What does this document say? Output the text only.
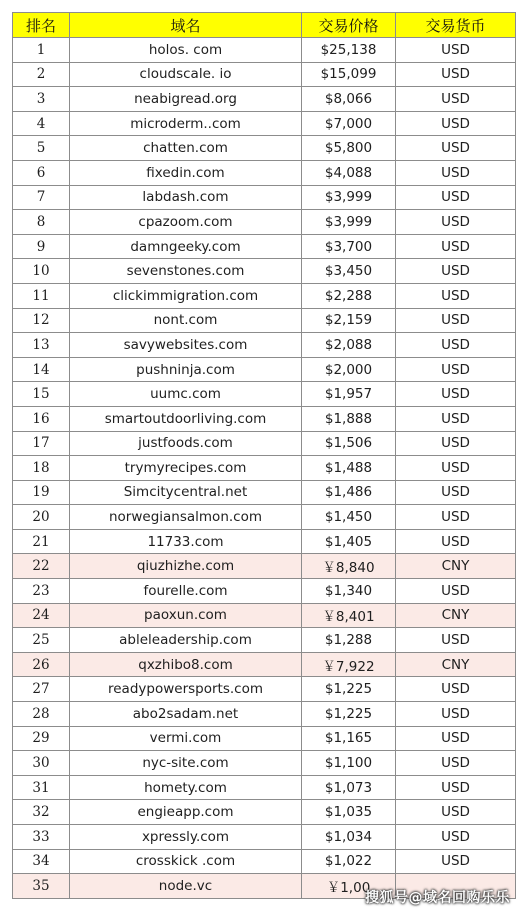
排名	域名	交易价格	交易货币
1	holos. com	$25,138	USD
2	cloudscale. io	$15,099	USD
3	neabigread.org	$8,066	USD
4	microderm..com	$7,000	USD
5	chatten.com	$5,800	USD
6	fixedin.com	$4,088	USD
7	labdash.com	$3,999	USD
8	cpazoom.com	$3,999	USD
9	damngeeky.com	$3,700	USD
10	sevenstones.com	$3,450	USD
11	clickimmigration.com	$2,288	USD
12	nont.com	$2,159	USD
13	savywebsites.com	$2,088	USD
14	pushninja.com	$2,000	USD
15	uumc.com	$1,957	USD
16	smartoutdoorliving.com	$1,888	USD
17	justfoods.com	$1,506	USD
18	trymyrecipes.com	$1,488	USD
19	Simcitycentral.net	$1,486	USD
20	norwegiansalmon.com	$1,450	USD
21	11733.com	$1,405	USD
22	qiuzhizhe.com	￥8,840	CNY
23	fourelle.com	$1,340	USD
24	paoxun.com	￥8,401	CNY
25	ableleadership.com	$1,288	USD
26	qxzhibo8.com	￥7,922	CNY
27	readypowersports.com	$1,225	USD
28	abo2sadam.net	$1,225	USD
29	vermi.com	$1,165	USD
30	nyc-site.com	$1,100	USD
31	homety.com	$1,073	USD
32	engieapp.com	$1,035	USD
33	xpressly.com	$1,034	USD
34	crosskick .com	$1,022	USD
35	node.vc	￥1,00	
搜狐号@域名回购乐乐
